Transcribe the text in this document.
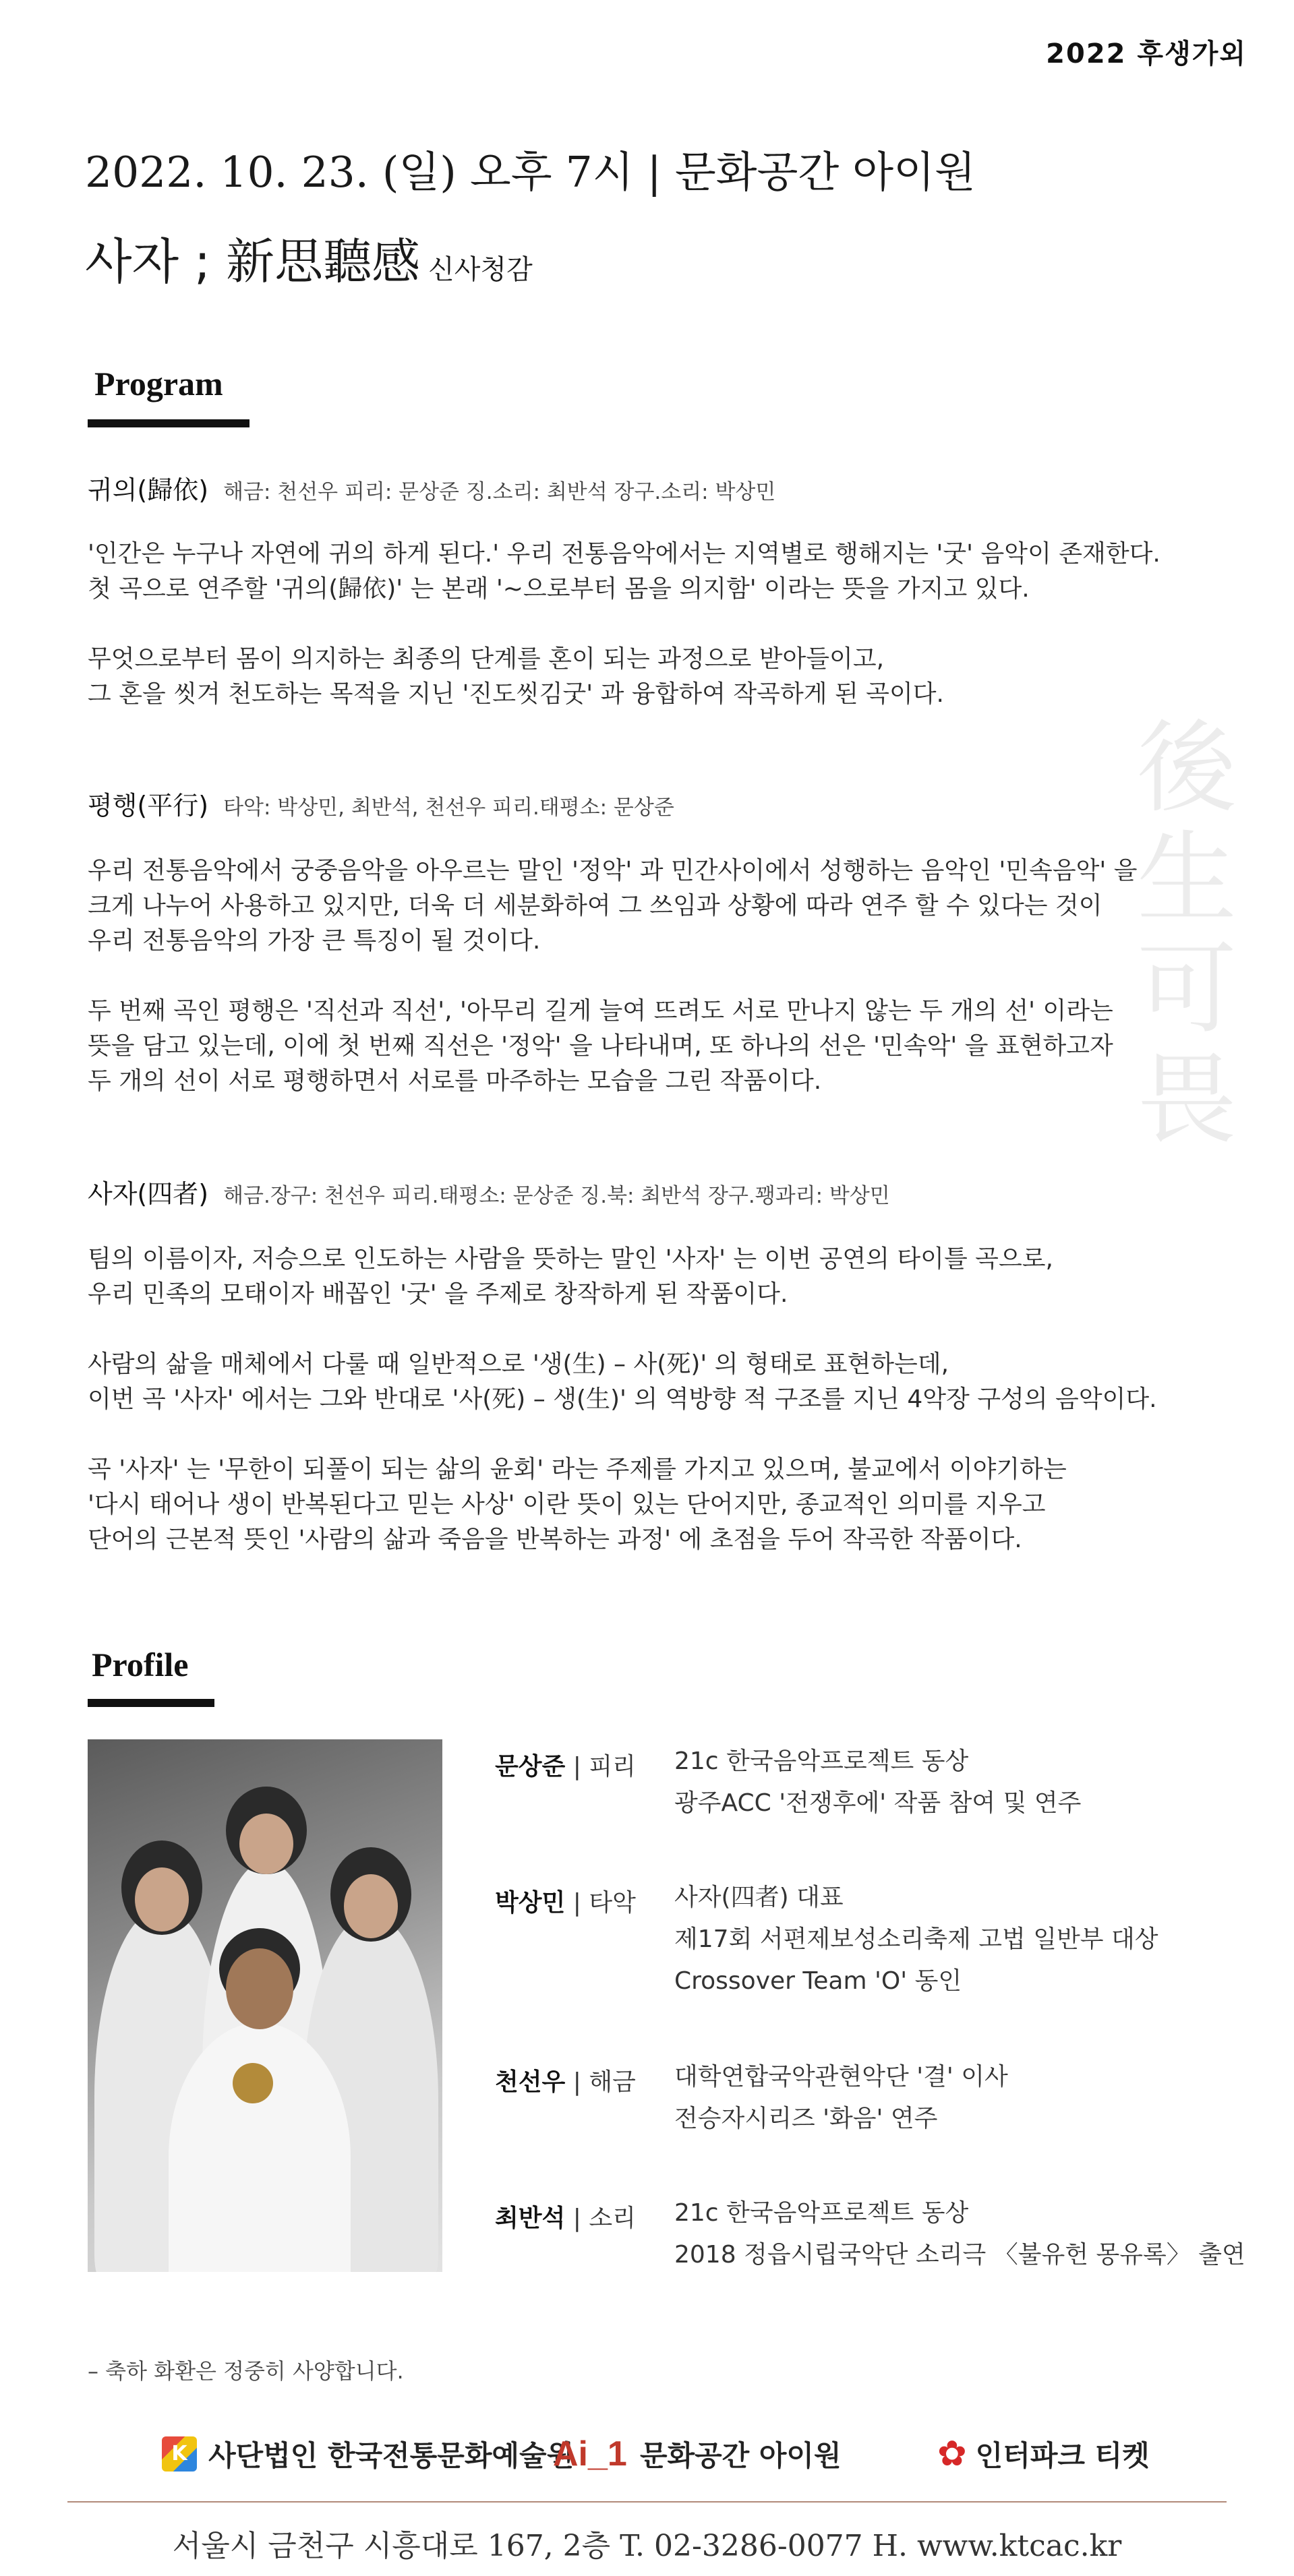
2022 후생가외
2022. 10. 23. (일) 오후 7시 | 문화공간 아이원
사자 ; 新思聽感 신사청감
後生可畏
Program
귀의(歸依) 해금: 천선우 피리: 문상준 징.소리: 최반석 장구.소리: 박상민
'인간은 누구나 자연에 귀의 하게 된다.' 우리 전통음악에서는 지역별로 행해지는 '굿' 음악이 존재한다.
첫 곡으로 연주할 '귀의(歸依)' 는 본래 '~으로부터 몸을 의지함' 이라는 뜻을 가지고 있다.
무엇으로부터 몸이 의지하는 최종의 단계를 혼이 되는 과정으로 받아들이고,
그 혼을 씻겨 천도하는 목적을 지닌 '진도씻김굿' 과 융합하여 작곡하게 된 곡이다.
평행(平行) 타악: 박상민, 최반석, 천선우 피리.태평소: 문상준
우리 전통음악에서 궁중음악을 아우르는 말인 '정악' 과 민간사이에서 성행하는 음악인 '민속음악' 을
크게 나누어 사용하고 있지만, 더욱 더 세분화하여 그 쓰임과 상황에 따라 연주 할 수 있다는 것이
우리 전통음악의 가장 큰 특징이 될 것이다.
두 번째 곡인 평행은 '직선과 직선', '아무리 길게 늘여 뜨려도 서로 만나지 않는 두 개의 선' 이라는
뜻을 담고 있는데, 이에 첫 번째 직선은 '정악' 을 나타내며, 또 하나의 선은 '민속악' 을 표현하고자
두 개의 선이 서로 평행하면서 서로를 마주하는 모습을 그린 작품이다.
사자(四者) 해금.장구: 천선우 피리.태평소: 문상준 징.북: 최반석 장구.꽹과리: 박상민
팀의 이름이자, 저승으로 인도하는 사람을 뜻하는 말인 '사자' 는 이번 공연의 타이틀 곡으로,
우리 민족의 모태이자 배꼽인 '굿' 을 주제로 창작하게 된 작품이다.
사람의 삶을 매체에서 다룰 때 일반적으로 '생(生) – 사(死)' 의 형태로 표현하는데,
이번 곡 '사자' 에서는 그와 반대로 '사(死) – 생(生)' 의 역방향 적 구조를 지닌 4악장 구성의 음악이다.
곡 '사자' 는 '무한이 되풀이 되는 삶의 윤회' 라는 주제를 가지고 있으며, 불교에서 이야기하는
'다시 태어나 생이 반복된다고 믿는 사상' 이란 뜻이 있는 단어지만, 종교적인 의미를 지우고
단어의 근본적 뜻인 '사람의 삶과 죽음을 반복하는 과정' 에 초점을 두어 작곡한 작품이다.
Profile
문상준 | 피리 21c 한국음악프로젝트 동상
광주ACC '전쟁후에' 작품 참여 및 연주
박상민 | 타악 사자(四者) 대표
제17회 서편제보성소리축제 고법 일반부 대상
Crossover Team 'O' 동인
천선우 | 해금 대학연합국악관현악단 '결' 이사
전승자시리즈 '화음' 연주
최반석 | 소리 21c 한국음악프로젝트 동상
2018 정읍시립국악단 소리극 〈불유헌 몽유록〉 출연
– 축하 화환은 정중히 사양합니다.
K 사단법인 한국전통문화예술원
Ai_1 문화공간 아이원	✿ 인터파크 티켓
서울시 금천구 시흥대로 167, 2층 T. 02-3286-0077 H. www.ktcac.kr
